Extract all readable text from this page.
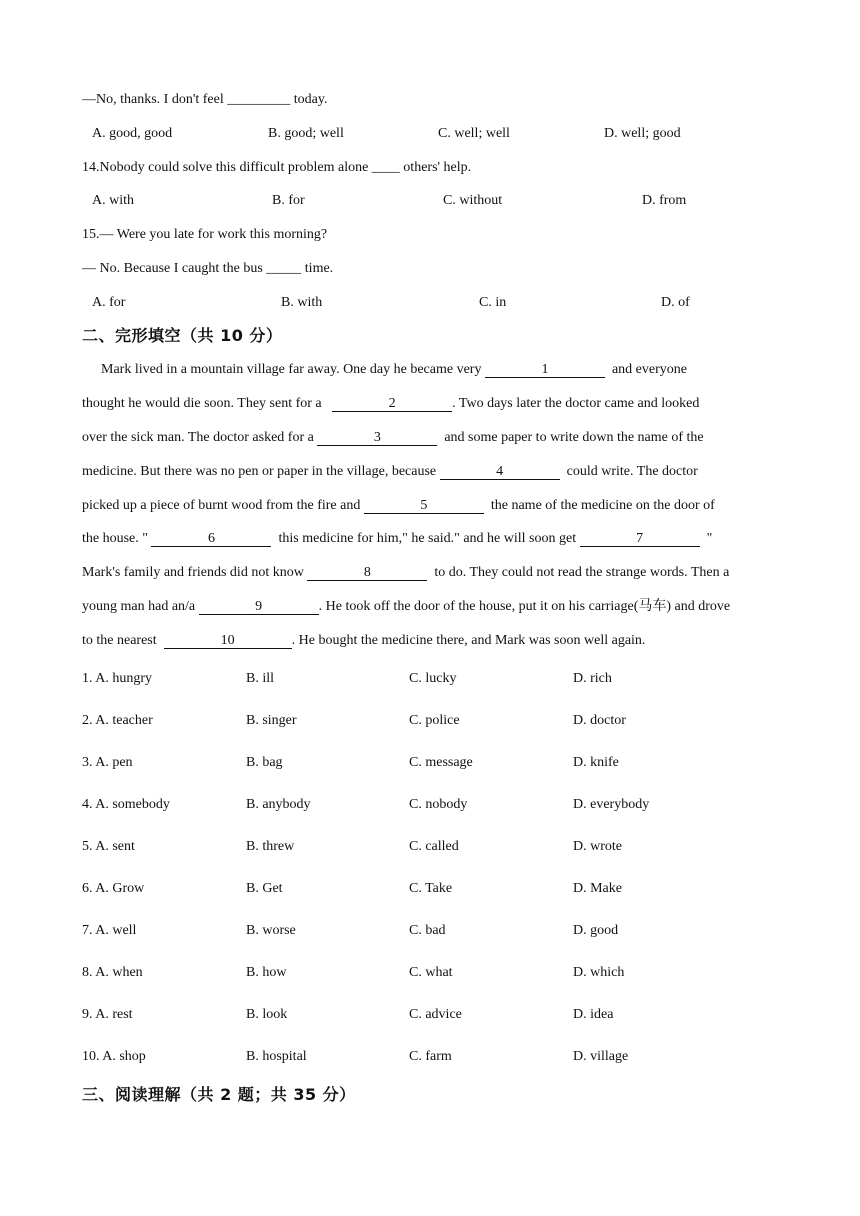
—No, thanks. I don't feel _________ today.
A. good, good	B. good; well	C. well; well	D. well; good
14.Nobody could solve this difficult problem alone ____ others' help.
A. with	B. for	C. without	D. from
15.— Were you late for work this morning?
— No. Because I caught the bus _____ time.
A. for	B. with	C. in	D. of
二、完形填空（共 10 分）
Mark lived in a mountain village far away. One day he became very	1	and everyone
thought he would die soon. They sent for a	2	. Two days later the doctor came and looked
over the sick man. The doctor asked for a	3	and some paper to write down the name of the
medicine. But there was no pen or paper in the village, because	4	could write. The doctor
picked up a piece of burnt wood from the fire and	5	the name of the medicine on the door of
the house. "	6	this medicine for him," he said." and he will soon get	7	"
Mark's family and friends did not know	8	to do. They could not read the strange words. Then a
young man had an/a	9	. He took off the door of the house, put it on his carriage(马车) and drove
to the nearest	10	. He bought the medicine there, and Mark was soon well again.
1. A. hungry	B. ill	C. lucky	D. rich
2. A. teacher	B. singer	C. police	D. doctor
3. A. pen	B. bag	C. message	D. knife
4. A. somebody	B. anybody	C. nobody	D. everybody
5. A. sent	B. threw	C. called	D. wrote
6. A. Grow	B. Get	C. Take	D. Make
7. A. well	B. worse	C. bad	D. good
8. A. when	B. how	C. what	D. which
9. A. rest	B. look	C. advice	D. idea
10. A. shop	B. hospital	C. farm	D. village
三、阅读理解（共 2 题；共 35 分）
